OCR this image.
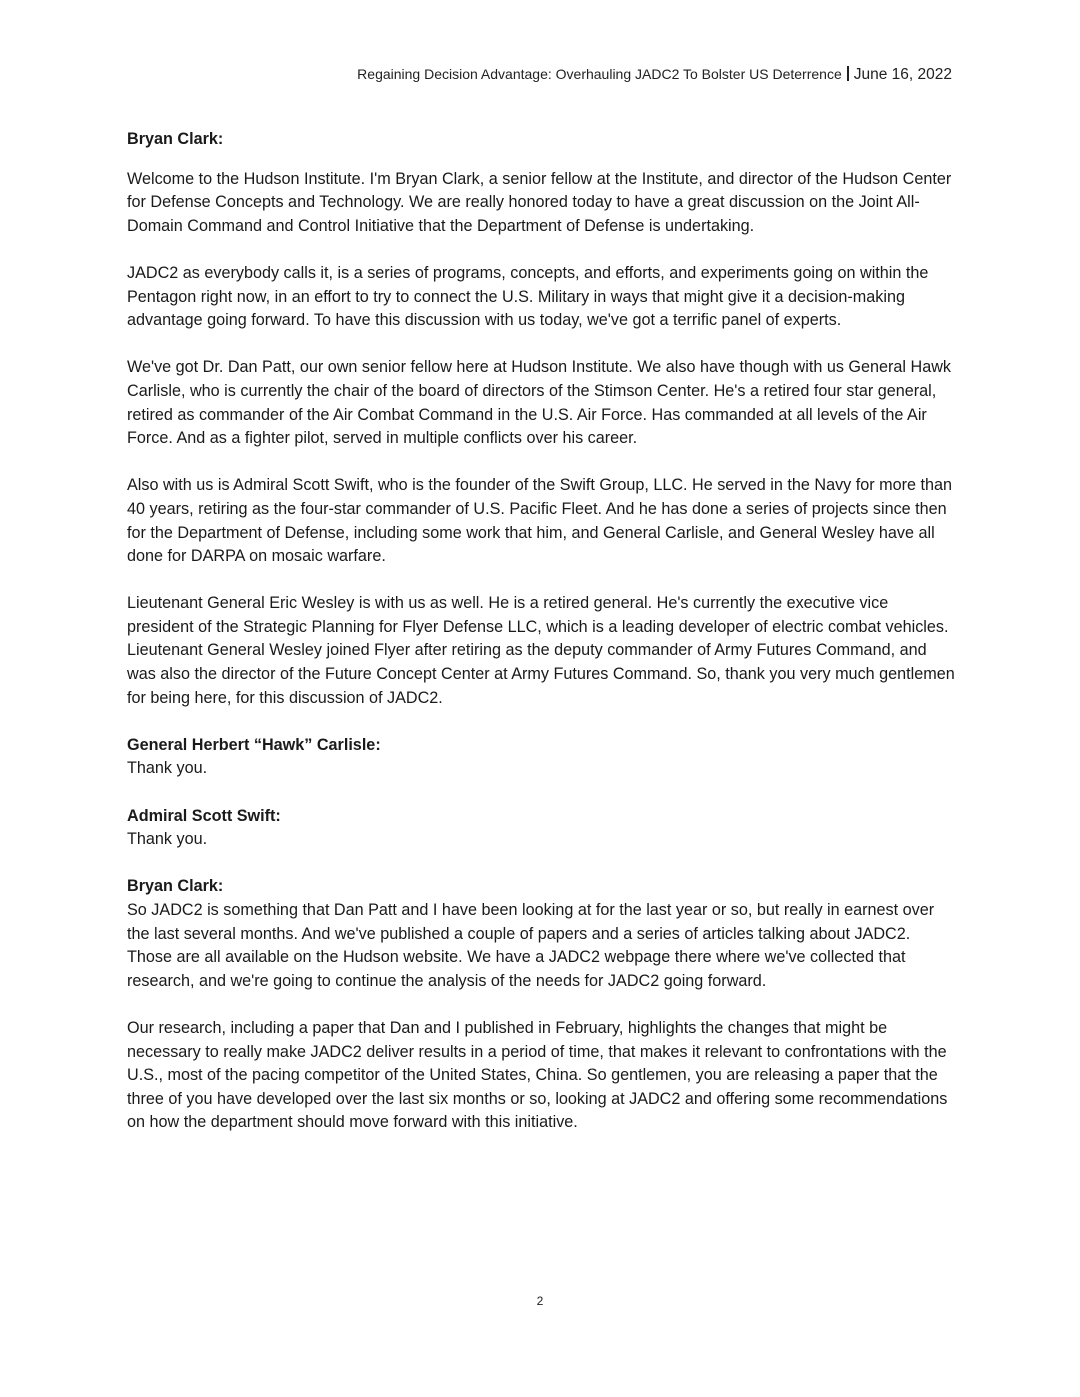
Regaining Decision Advantage: Overhauling JADC2 To Bolster US Deterrence June 16, 2022

Bryan Clark:

Welcome to the Hudson Institute. I'm Bryan Clark, a senior fellow at the Institute, and director of the Hudson Center for Defense Concepts and Technology. We are really honored today to have a great discussion on the Joint All-Domain Command and Control Initiative that the Department of Defense is undertaking.

JADC2 as everybody calls it, is a series of programs, concepts, and efforts, and experiments going on within the Pentagon right now, in an effort to try to connect the U.S. Military in ways that might give it a decision-making advantage going forward. To have this discussion with us today, we've got a terrific panel of experts.

We've got Dr. Dan Patt, our own senior fellow here at Hudson Institute. We also have though with us General Hawk Carlisle, who is currently the chair of the board of directors of the Stimson Center. He's a retired four star general, retired as commander of the Air Combat Command in the U.S. Air Force. Has commanded at all levels of the Air Force. And as a fighter pilot, served in multiple conflicts over his career.

Also with us is Admiral Scott Swift, who is the founder of the Swift Group, LLC. He served in the Navy for more than 40 years, retiring as the four-star commander of U.S. Pacific Fleet. And he has done a series of projects since then for the Department of Defense, including some work that him, and General Carlisle, and General Wesley have all done for DARPA on mosaic warfare.

Lieutenant General Eric Wesley is with us as well. He is a retired general. He's currently the executive vice president of the Strategic Planning for Flyer Defense LLC, which is a leading developer of electric combat vehicles. Lieutenant General Wesley joined Flyer after retiring as the deputy commander of Army Futures Command, and was also the director of the Future Concept Center at Army Futures Command. So, thank you very much gentlemen for being here, for this discussion of JADC2.

General Herbert “Hawk” Carlisle:

Thank you.

Admiral Scott Swift:

Thank you.

Bryan Clark:

So JADC2 is something that Dan Patt and I have been looking at for the last year or so, but really in earnest over the last several months. And we've published a couple of papers and a series of articles talking about JADC2. Those are all available on the Hudson website. We have a JADC2 webpage there where we've collected that research, and we're going to continue the analysis of the needs for JADC2 going forward.

Our research, including a paper that Dan and I published in February, highlights the changes that might be necessary to really make JADC2 deliver results in a period of time, that makes it relevant to confrontations with the U.S., most of the pacing competitor of the United States, China. So gentlemen, you are releasing a paper that the three of you have developed over the last six months or so, looking at JADC2 and offering some recommendations on how the department should move forward with this initiative.

2
